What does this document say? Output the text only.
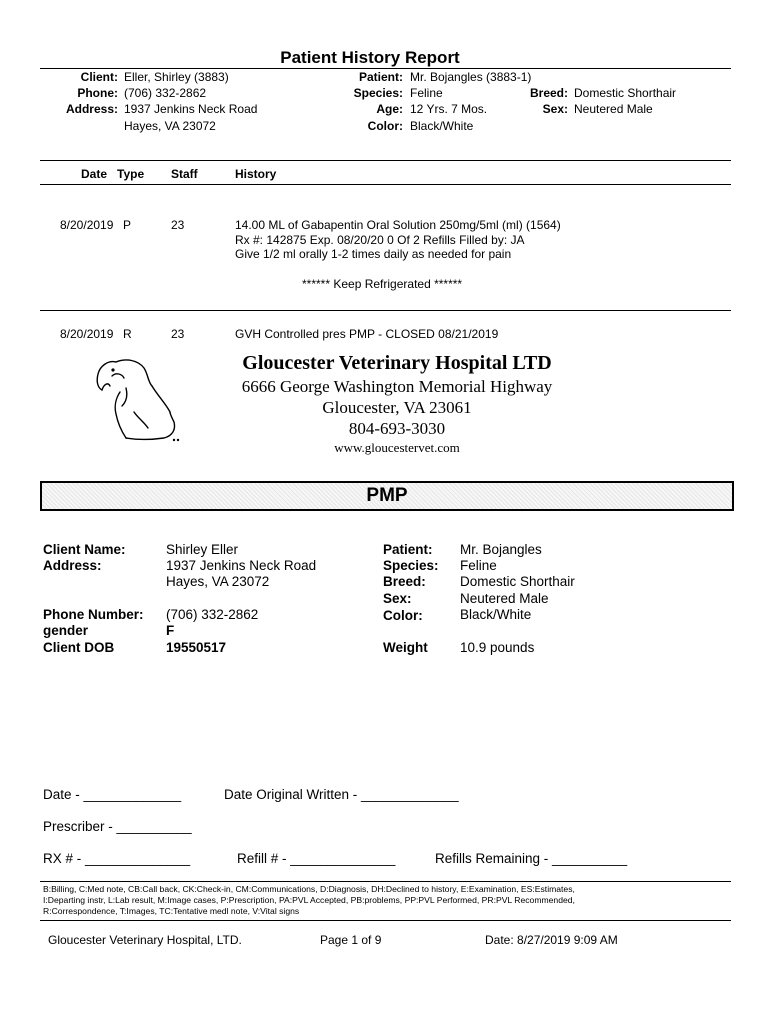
Patient History Report
Client: Eller, Shirley (3883)
Phone: (706) 332-2862
Address: 1937 Jenkins Neck Road
Hayes, VA 23072
Patient: Mr. Bojangles (3883-1)
Species: Feline
Age: 12 Yrs. 7 Mos.
Color: Black/White
Breed: Domestic Shorthair
Sex: Neutered Male
Date Type Staff	History
8/20/2019 P	23	14.00 ML of Gabapentin Oral Solution 250mg/5ml (ml) (1564)
Rx #: 142875 Exp. 08/20/20 0 Of 2 Refills Filled by: JA
Give 1/2 ml orally 1-2 times daily as needed for pain
****** Keep Refrigerated ******
8/20/2019 R	23	GVH Controlled pres PMP - CLOSED 08/21/2019
Gloucester Veterinary Hospital LTD
6666 George Washington Memorial Highway
Gloucester, VA 23061
804-693-3030
www.gloucestervet.com
PMP
Client Name:	Shirley Eller
Address:	1937 Jenkins Neck Road
Hayes, VA 23072
Phone Number: (706) 332-2862
gender	F
Client DOB	19550517
Patient: Mr. Bojangles
Species: Feline
Breed:	Domestic Shorthair
Sex:	Neutered Male
Color:	Black/White
Weight 10.9 pounds
Date - _____________	Date Original Written - _____________
Prescriber - __________
RX # - ______________	Refill # - ______________	Refills Remaining - __________
B:Billing, C:Med note, CB:Call back, CK:Check-in, CM:Communications, D:Diagnosis, DH:Declined to history, E:Examination, ES:Estimates,
I:Departing instr, L:Lab result, M:Image cases, P:Prescription, PA:PVL Accepted, PB:problems, PP:PVL Performed, PR:PVL Recommended,
R:Correspondence, T:Images, TC:Tentative medl note, V:Vital signs
Gloucester Veterinary Hospital, LTD.	Page 1 of 9	Date: 8/27/2019 9:09 AM
